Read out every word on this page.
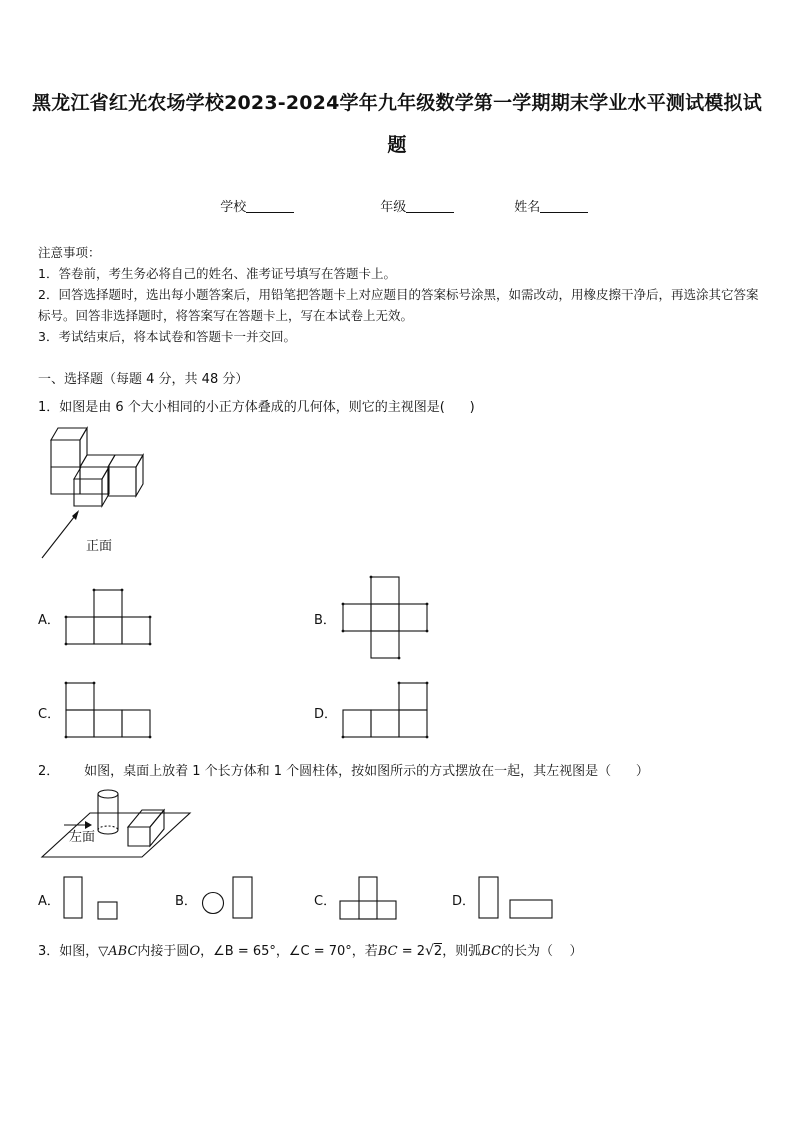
黑龙江省红光农场学校2023-2024学年九年级数学第一学期期末学业水平测试模拟试
题

学校	年级	姓名

注意事项：
1．答卷前，考生务必将自己的姓名、准考证号填写在答题卡上。
2．回答选择题时，选出每小题答案后，用铅笔把答题卡上对应题目的答案标号涂黑，如需改动，用橡皮擦干净后，再选涂其它答案标号。回答非选择题时，将答案写在答题卡上，写在本试卷上无效。
3．考试结束后，将本试卷和答题卡一并交回。
一、选择题（每题 4 分，共 48 分）
1．如图是由 6 个大小相同的小正方体叠成的几何体，则它的主视图是(      )
正面
A．	B．
C．	D．
2．      如图，桌面上放着 1 个长方体和 1 个圆柱体，按如图所示的方式摆放在一起，其左视图是（      ）
左面
A．	B．	C．	D．
3．如图，▽ABC内接于圆O，∠B = 65°，∠C = 70°，若BC = 2√2，则弧BC的长为（    ）
